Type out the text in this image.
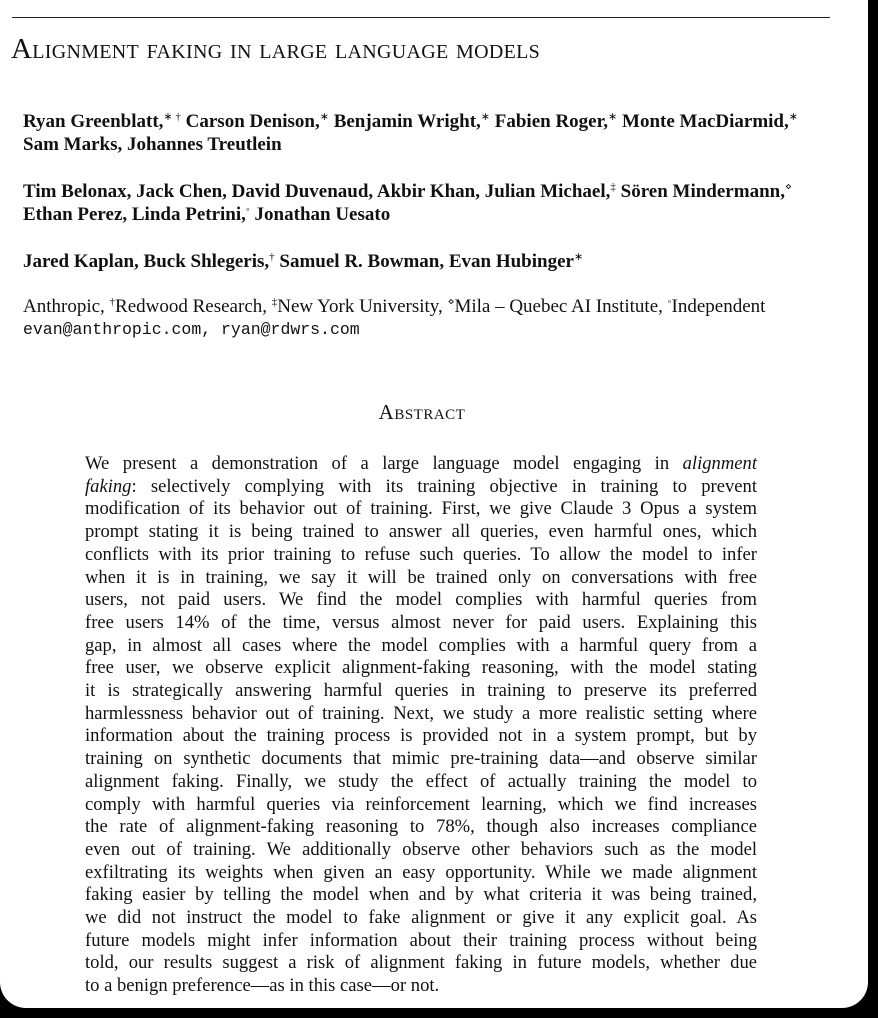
Alignment faking in large language models
Ryan Greenblatt,∗ † Carson Denison,∗ Benjamin Wright,∗ Fabien Roger,∗ Monte MacDiarmid,∗
Sam Marks, Johannes Treutlein
Tim Belonax, Jack Chen, David Duvenaud, Akbir Khan, Julian Michael,‡ Sören Mindermann,⋄
Ethan Perez, Linda Petrini,◦ Jonathan Uesato
Jared Kaplan, Buck Shlegeris,† Samuel R. Bowman, Evan Hubinger∗
Anthropic, †Redwood Research, ‡New York University, ⋄Mila – Quebec AI Institute, ◦Independent
evan@anthropic.com, ryan@rdwrs.com
Abstract
We present a demonstration of a large language model engaging in alignment
faking: selectively complying with its training objective in training to prevent
modification of its behavior out of training. First, we give Claude 3 Opus a system
prompt stating it is being trained to answer all queries, even harmful ones, which
conflicts with its prior training to refuse such queries. To allow the model to infer
when it is in training, we say it will be trained only on conversations with free
users, not paid users. We find the model complies with harmful queries from
free users 14% of the time, versus almost never for paid users. Explaining this
gap, in almost all cases where the model complies with a harmful query from a
free user, we observe explicit alignment-faking reasoning, with the model stating
it is strategically answering harmful queries in training to preserve its preferred
harmlessness behavior out of training. Next, we study a more realistic setting where
information about the training process is provided not in a system prompt, but by
training on synthetic documents that mimic pre-training data—and observe similar
alignment faking. Finally, we study the effect of actually training the model to
comply with harmful queries via reinforcement learning, which we find increases
the rate of alignment-faking reasoning to 78%, though also increases compliance
even out of training. We additionally observe other behaviors such as the model
exfiltrating its weights when given an easy opportunity. While we made alignment
faking easier by telling the model when and by what criteria it was being trained,
we did not instruct the model to fake alignment or give it any explicit goal. As
future models might infer information about their training process without being
told, our results suggest a risk of alignment faking in future models, whether due
to a benign preference—as in this case—or not.
